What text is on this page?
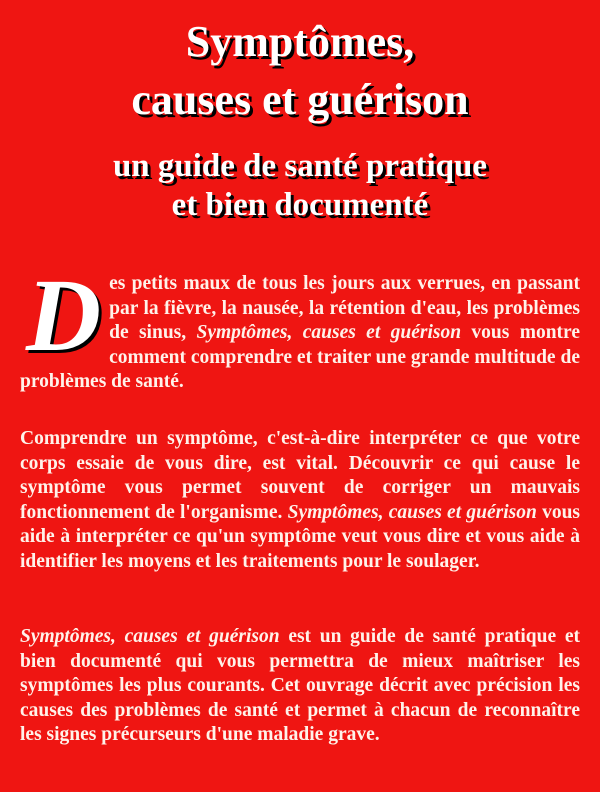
Symptômes,
causes et guérison
un guide de santé pratique
et bien documenté

Des petits maux de tous les jours aux verrues, en passant par la fièvre, la nausée, la rétention d'eau, les problèmes de sinus, Symptômes, causes et guérison vous montre comment comprendre et traiter une grande multitude de problèmes de santé.

Comprendre un symptôme, c'est-à-dire interpréter ce que votre corps essaie de vous dire, est vital. Découvrir ce qui cause le symptôme vous permet souvent de corriger un mauvais fonctionnement de l'organisme. Symptômes, causes et guérison vous aide à interpréter ce qu'un symptôme veut vous dire et vous aide à identifier les moyens et les traitements pour le soulager.

Symptômes, causes et guérison est un guide de santé pratique et bien documenté qui vous permettra de mieux maîtriser les symptômes les plus courants. Cet ouvrage décrit avec précision les causes des problèmes de santé et permet à chacun de reconnaître les signes précurseurs d'une maladie grave.
